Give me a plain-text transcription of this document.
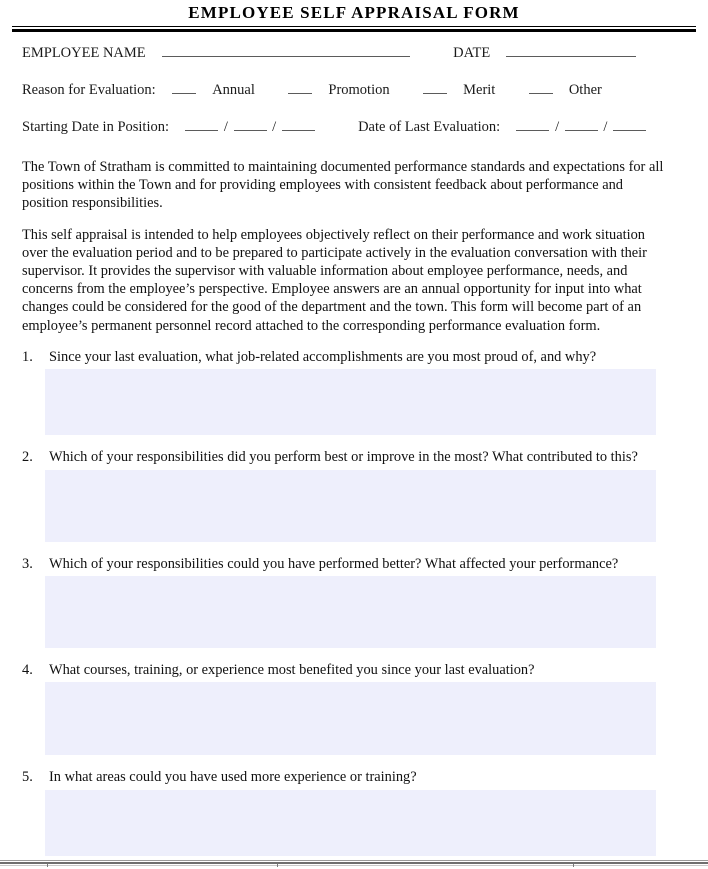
EMPLOYEE SELF APPRAISAL FORM
EMPLOYEE NAME	DATE
Reason for Evaluation:	Annual	Promotion	Merit	Other
Starting Date in Position:	/	/	Date of Last Evaluation:	/	/

The Town of Stratham is committed to maintaining documented performance standards and expectations for all positions within the Town and for providing employees with consistent feedback about performance and position responsibilities.

This self appraisal is intended to help employees objectively reflect on their performance and work situation over the evaluation period and to be prepared to participate actively in the evaluation conversation with their supervisor. It provides the supervisor with valuable information about employee performance, needs, and concerns from the employee’s perspective. Employee answers are an annual opportunity for input into what changes could be considered for the good of the department and the town. This form will become part of an employee’s permanent personnel record attached to the corresponding performance evaluation form.

1.	Since your last evaluation, what job-related accomplishments are you most proud of, and why?
2.	Which of your responsibilities did you perform best or improve in the most? What contributed to this?
3.	Which of your responsibilities could you have performed better? What affected your performance?
4.	What courses, training, or experience most benefited you since your last evaluation?
5.	In what areas could you have used more experience or training?
